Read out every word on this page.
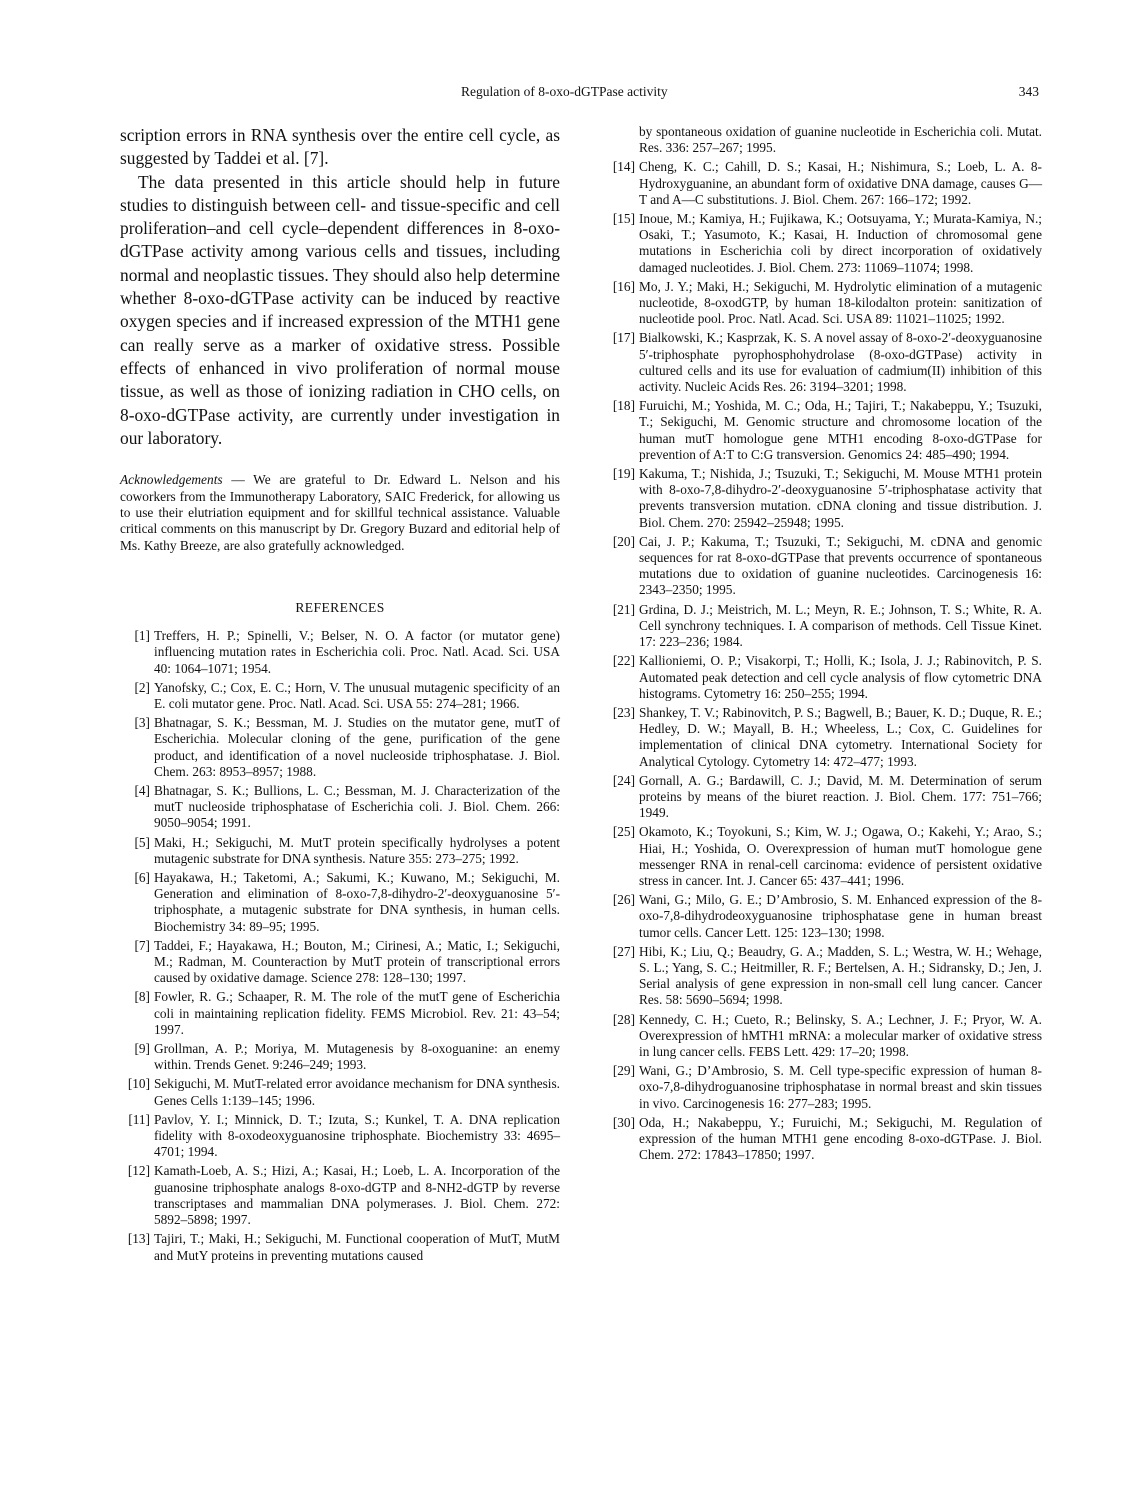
Regulation of 8-oxo-dGTPase activity	343

scription errors in RNA synthesis over the entire cell cycle, as suggested by Taddei et al. [7].

The data presented in this article should help in future studies to distinguish between cell- and tissue-specific and cell proliferation–and cell cycle–dependent differences in 8-oxo-dGTPase activity among various cells and tissues, including normal and neoplastic tissues. They should also help determine whether 8-oxo-dGTPase activity can be induced by reactive oxygen species and if increased expression of the MTH1 gene can really serve as a marker of oxidative stress. Possible effects of enhanced in vivo proliferation of normal mouse tissue, as well as those of ionizing radiation in CHO cells, on 8-oxo-dGTPase activity, are currently under investigation in our laboratory.

Acknowledgements — We are grateful to Dr. Edward L. Nelson and his coworkers from the Immunotherapy Laboratory, SAIC Frederick, for allowing us to use their elutriation equipment and for skillful technical assistance. Valuable critical comments on this manuscript by Dr. Gregory Buzard and editorial help of Ms. Kathy Breeze, are also gratefully acknowledged.

REFERENCES
[1] Treffers, H. P.; Spinelli, V.; Belser, N. O. A factor (or mutator gene) influencing mutation rates in Escherichia coli. Proc. Natl. Acad. Sci. USA 40: 1064–1071; 1954.
[2] Yanofsky, C.; Cox, E. C.; Horn, V. The unusual mutagenic specificity of an E. coli mutator gene. Proc. Natl. Acad. Sci. USA 55: 274–281; 1966.
[3] Bhatnagar, S. K.; Bessman, M. J. Studies on the mutator gene, mutT of Escherichia. Molecular cloning of the gene, purification of the gene product, and identification of a novel nucleoside triphosphatase. J. Biol. Chem. 263: 8953–8957; 1988.
[4] Bhatnagar, S. K.; Bullions, L. C.; Bessman, M. J. Characterization of the mutT nucleoside triphosphatase of Escherichia coli. J. Biol. Chem. 266: 9050–9054; 1991.
[5] Maki, H.; Sekiguchi, M. MutT protein specifically hydrolyses a potent mutagenic substrate for DNA synthesis. Nature 355: 273–275; 1992.
[6] Hayakawa, H.; Taketomi, A.; Sakumi, K.; Kuwano, M.; Sekiguchi, M. Generation and elimination of 8-oxo-7,8-dihydro-2′-deoxyguanosine 5′-triphosphate, a mutagenic substrate for DNA synthesis, in human cells. Biochemistry 34: 89–95; 1995.
[7] Taddei, F.; Hayakawa, H.; Bouton, M.; Cirinesi, A.; Matic, I.; Sekiguchi, M.; Radman, M. Counteraction by MutT protein of transcriptional errors caused by oxidative damage. Science 278: 128–130; 1997.
[8] Fowler, R. G.; Schaaper, R. M. The role of the mutT gene of Escherichia coli in maintaining replication fidelity. FEMS Microbiol. Rev. 21: 43–54; 1997.
[9] Grollman, A. P.; Moriya, M. Mutagenesis by 8-oxoguanine: an enemy within. Trends Genet. 9:246–249; 1993.
[10] Sekiguchi, M. MutT-related error avoidance mechanism for DNA synthesis. Genes Cells 1:139–145; 1996.
[11] Pavlov, Y. I.; Minnick, D. T.; Izuta, S.; Kunkel, T. A. DNA replication fidelity with 8-oxodeoxyguanosine triphosphate. Biochemistry 33: 4695–4701; 1994.
[12] Kamath-Loeb, A. S.; Hizi, A.; Kasai, H.; Loeb, L. A. Incorporation of the guanosine triphosphate analogs 8-oxo-dGTP and 8-NH2-dGTP by reverse transcriptases and mammalian DNA polymerases. J. Biol. Chem. 272: 5892–5898; 1997.
[13] Tajiri, T.; Maki, H.; Sekiguchi, M. Functional cooperation of MutT, MutM and MutY proteins in preventing mutations caused

by spontaneous oxidation of guanine nucleotide in Escherichia coli. Mutat. Res. 336: 257–267; 1995.

[14] Cheng, K. C.; Cahill, D. S.; Kasai, H.; Nishimura, S.; Loeb, L. A. 8-Hydroxyguanine, an abundant form of oxidative DNA damage, causes G—T and A—C substitutions. J. Biol. Chem. 267: 166–172; 1992.
[15] Inoue, M.; Kamiya, H.; Fujikawa, K.; Ootsuyama, Y.; Murata-Kamiya, N.; Osaki, T.; Yasumoto, K.; Kasai, H. Induction of chromosomal gene mutations in Escherichia coli by direct incorporation of oxidatively damaged nucleotides. J. Biol. Chem. 273: 11069–11074; 1998.
[16] Mo, J. Y.; Maki, H.; Sekiguchi, M. Hydrolytic elimination of a mutagenic nucleotide, 8-oxodGTP, by human 18-kilodalton protein: sanitization of nucleotide pool. Proc. Natl. Acad. Sci. USA 89: 11021–11025; 1992.
[17] Bialkowski, K.; Kasprzak, K. S. A novel assay of 8-oxo-2′-deoxyguanosine 5′-triphosphate pyrophosphohydrolase (8-oxo-dGTPase) activity in cultured cells and its use for evaluation of cadmium(II) inhibition of this activity. Nucleic Acids Res. 26: 3194–3201; 1998.
[18] Furuichi, M.; Yoshida, M. C.; Oda, H.; Tajiri, T.; Nakabeppu, Y.; Tsuzuki, T.; Sekiguchi, M. Genomic structure and chromosome location of the human mutT homologue gene MTH1 encoding 8-oxo-dGTPase for prevention of A:T to C:G transversion. Genomics 24: 485–490; 1994.
[19] Kakuma, T.; Nishida, J.; Tsuzuki, T.; Sekiguchi, M. Mouse MTH1 protein with 8-oxo-7,8-dihydro-2′-deoxyguanosine 5′-triphosphatase activity that prevents transversion mutation. cDNA cloning and tissue distribution. J. Biol. Chem. 270: 25942–25948; 1995.
[20] Cai, J. P.; Kakuma, T.; Tsuzuki, T.; Sekiguchi, M. cDNA and genomic sequences for rat 8-oxo-dGTPase that prevents occurrence of spontaneous mutations due to oxidation of guanine nucleotides. Carcinogenesis 16: 2343–2350; 1995.
[21] Grdina, D. J.; Meistrich, M. L.; Meyn, R. E.; Johnson, T. S.; White, R. A. Cell synchrony techniques. I. A comparison of methods. Cell Tissue Kinet. 17: 223–236; 1984.
[22] Kallioniemi, O. P.; Visakorpi, T.; Holli, K.; Isola, J. J.; Rabinovitch, P. S. Automated peak detection and cell cycle analysis of flow cytometric DNA histograms. Cytometry 16: 250–255; 1994.
[23] Shankey, T. V.; Rabinovitch, P. S.; Bagwell, B.; Bauer, K. D.; Duque, R. E.; Hedley, D. W.; Mayall, B. H.; Wheeless, L.; Cox, C. Guidelines for implementation of clinical DNA cytometry. International Society for Analytical Cytology. Cytometry 14: 472–477; 1993.
[24] Gornall, A. G.; Bardawill, C. J.; David, M. M. Determination of serum proteins by means of the biuret reaction. J. Biol. Chem. 177: 751–766; 1949.
[25] Okamoto, K.; Toyokuni, S.; Kim, W. J.; Ogawa, O.; Kakehi, Y.; Arao, S.; Hiai, H.; Yoshida, O. Overexpression of human mutT homologue gene messenger RNA in renal-cell carcinoma: evidence of persistent oxidative stress in cancer. Int. J. Cancer 65: 437–441; 1996.
[26] Wani, G.; Milo, G. E.; D’Ambrosio, S. M. Enhanced expression of the 8-oxo-7,8-dihydrodeoxyguanosine triphosphatase gene in human breast tumor cells. Cancer Lett. 125: 123–130; 1998.
[27] Hibi, K.; Liu, Q.; Beaudry, G. A.; Madden, S. L.; Westra, W. H.; Wehage, S. L.; Yang, S. C.; Heitmiller, R. F.; Bertelsen, A. H.; Sidransky, D.; Jen, J. Serial analysis of gene expression in non-small cell lung cancer. Cancer Res. 58: 5690–5694; 1998.
[28] Kennedy, C. H.; Cueto, R.; Belinsky, S. A.; Lechner, J. F.; Pryor, W. A. Overexpression of hMTH1 mRNA: a molecular marker of oxidative stress in lung cancer cells. FEBS Lett. 429: 17–20; 1998.
[29] Wani, G.; D’Ambrosio, S. M. Cell type-specific expression of human 8-oxo-7,8-dihydroguanosine triphosphatase in normal breast and skin tissues in vivo. Carcinogenesis 16: 277–283; 1995.
[30] Oda, H.; Nakabeppu, Y.; Furuichi, M.; Sekiguchi, M. Regulation of expression of the human MTH1 gene encoding 8-oxo-dGTPase. J. Biol. Chem. 272: 17843–17850; 1997.
